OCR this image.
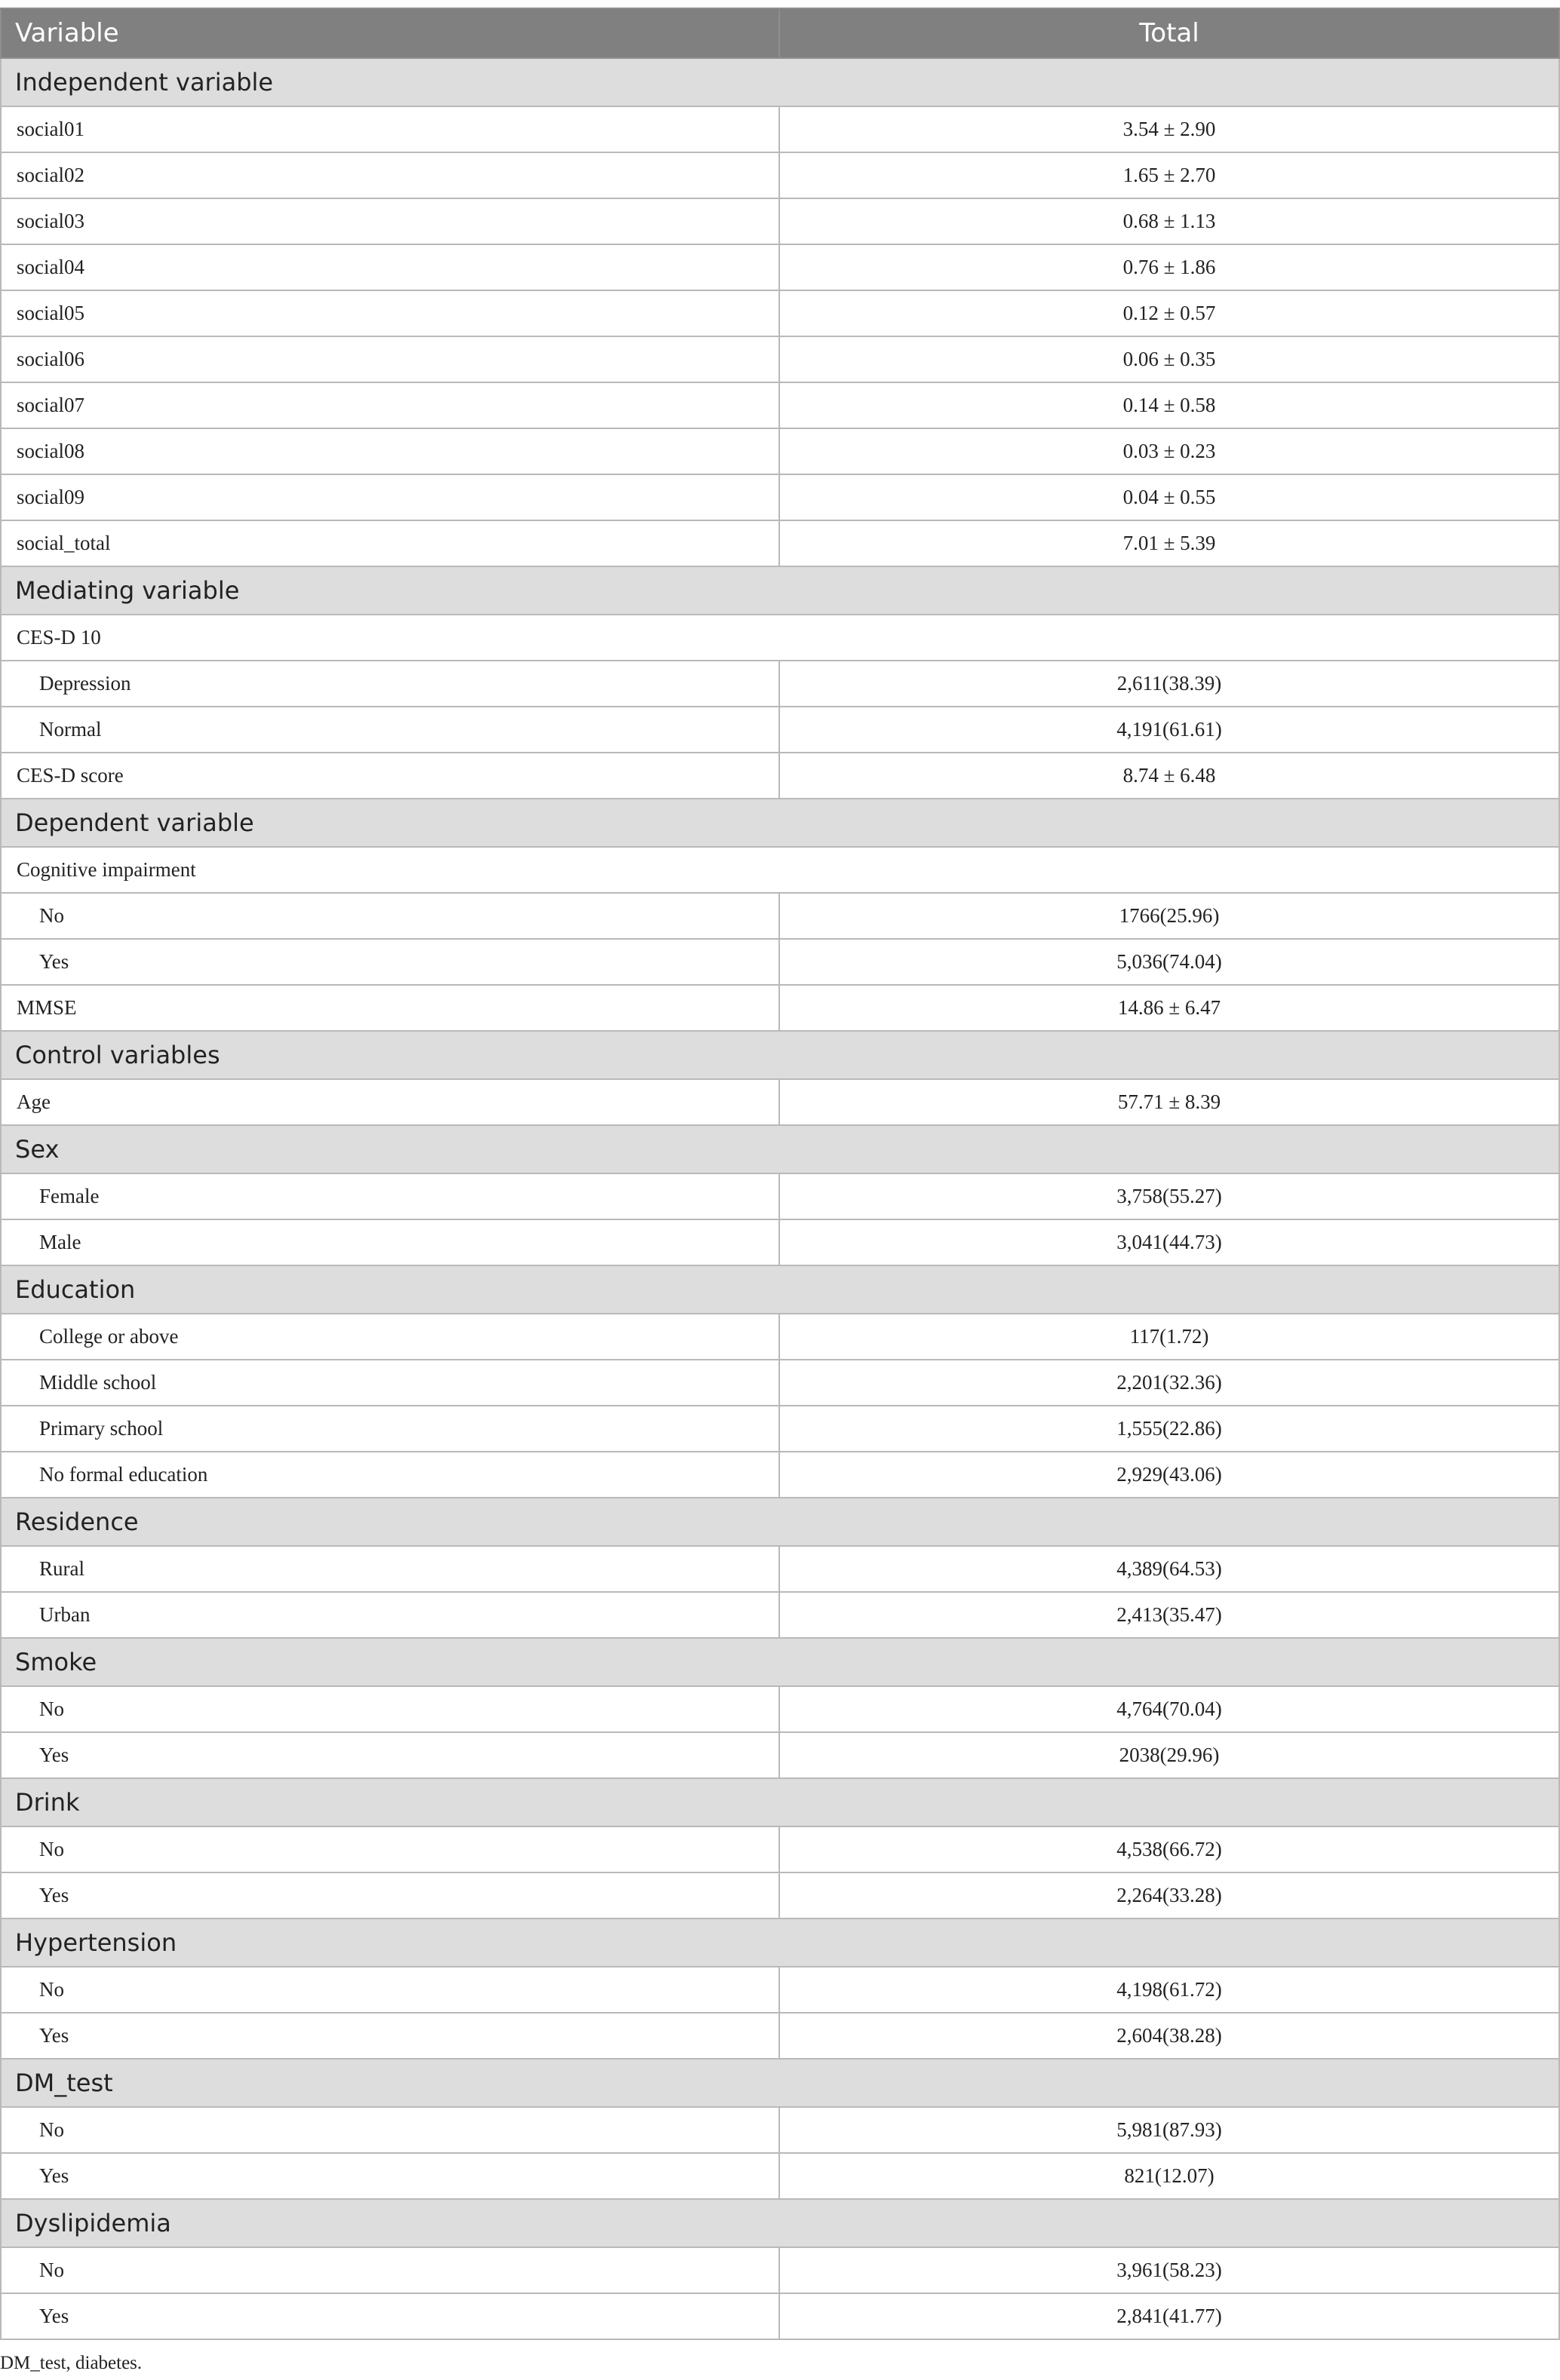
Variable	Total
Independent variable	
social01	3.54 ± 2.90
social02	1.65 ± 2.70
social03	0.68 ± 1.13
social04	0.76 ± 1.86
social05	0.12 ± 0.57
social06	0.06 ± 0.35
social07	0.14 ± 0.58
social08	0.03 ± 0.23
social09	0.04 ± 0.55
social_total	7.01 ± 5.39
Mediating variable	
CES-D 10	
Depression	2,611(38.39)
Normal	4,191(61.61)
CES-D score	8.74 ± 6.48
Dependent variable	
Cognitive impairment	
No	1766(25.96)
Yes	5,036(74.04)
MMSE	14.86 ± 6.47
Control variables	
Age	57.71 ± 8.39
Sex	
Female	3,758(55.27)
Male	3,041(44.73)
Education	
College or above	117(1.72)
Middle school	2,201(32.36)
Primary school	1,555(22.86)
No formal education	2,929(43.06)
Residence	
Rural	4,389(64.53)
Urban	2,413(35.47)
Smoke	
No	4,764(70.04)
Yes	2038(29.96)
Drink	
No	4,538(66.72)
Yes	2,264(33.28)
Hypertension	
No	4,198(61.72)
Yes	2,604(38.28)
DM_test	
No	5,981(87.93)
Yes	821(12.07)
Dyslipidemia	
No	3,961(58.23)
Yes	2,841(41.77)
DM_test, diabetes.
